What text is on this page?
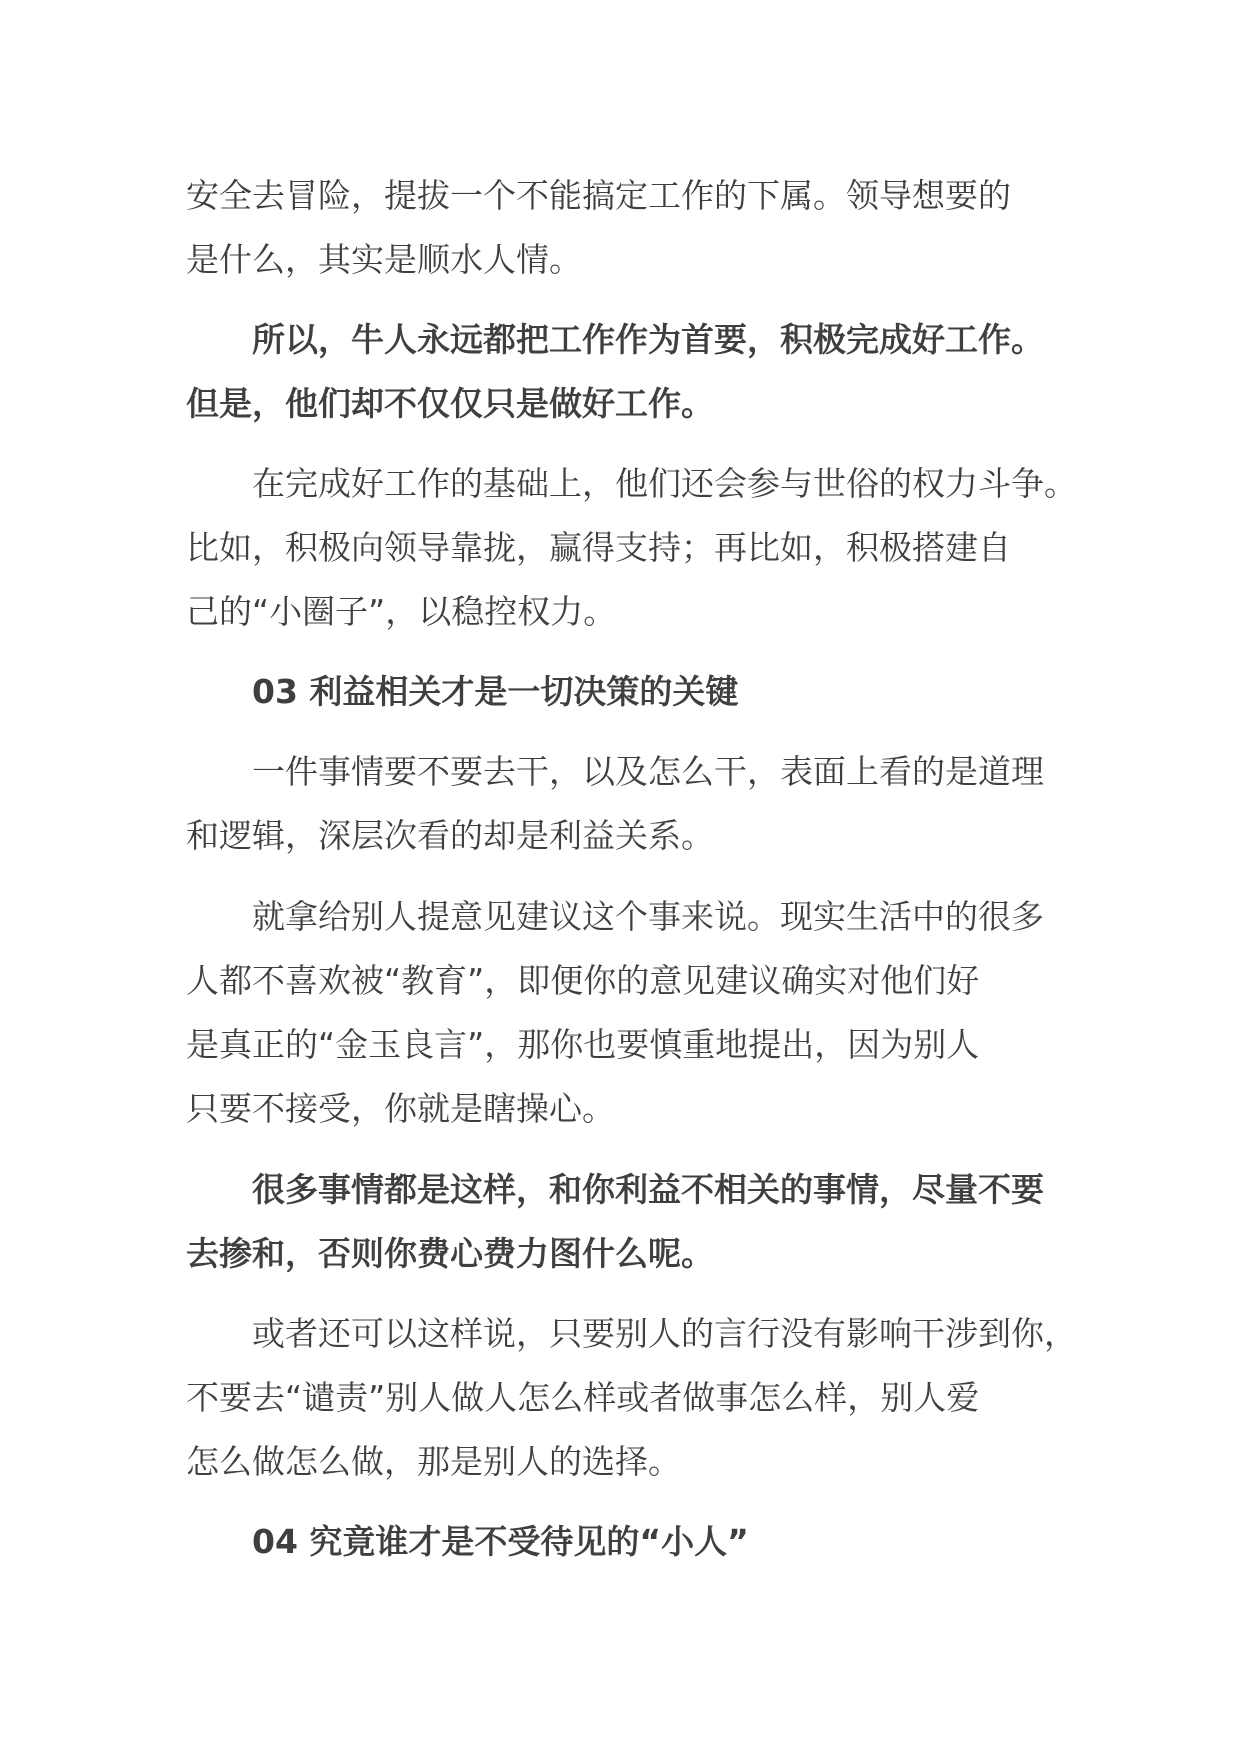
安全去冒险，提拔一个不能搞定工作的下属。领导想要的
是什么，其实是顺水人情。

　　所以，牛人永远都把工作作为首要，积极完成好工作。
但是，他们却不仅仅只是做好工作。

　　在完成好工作的基础上，他们还会参与世俗的权力斗争。
比如，积极向领导靠拢，赢得支持；再比如，积极搭建自
己的“小圈子”，以稳控权力。

　　03 利益相关才是一切决策的关键

　　一件事情要不要去干，以及怎么干，表面上看的是道理
和逻辑，深层次看的却是利益关系。

　　就拿给别人提意见建议这个事来说。现实生活中的很多
人都不喜欢被“教育”，即便你的意见建议确实对他们好
是真正的“金玉良言”，那你也要慎重地提出，因为别人
只要不接受，你就是瞎操心。

　　很多事情都是这样，和你利益不相关的事情，尽量不要
去掺和，否则你费心费力图什么呢。

　　或者还可以这样说，只要别人的言行没有影响干涉到你，
不要去“谴责”别人做人怎么样或者做事怎么样，别人爱
怎么做怎么做，那是别人的选择。

　　04 究竟谁才是不受待见的“小人”
